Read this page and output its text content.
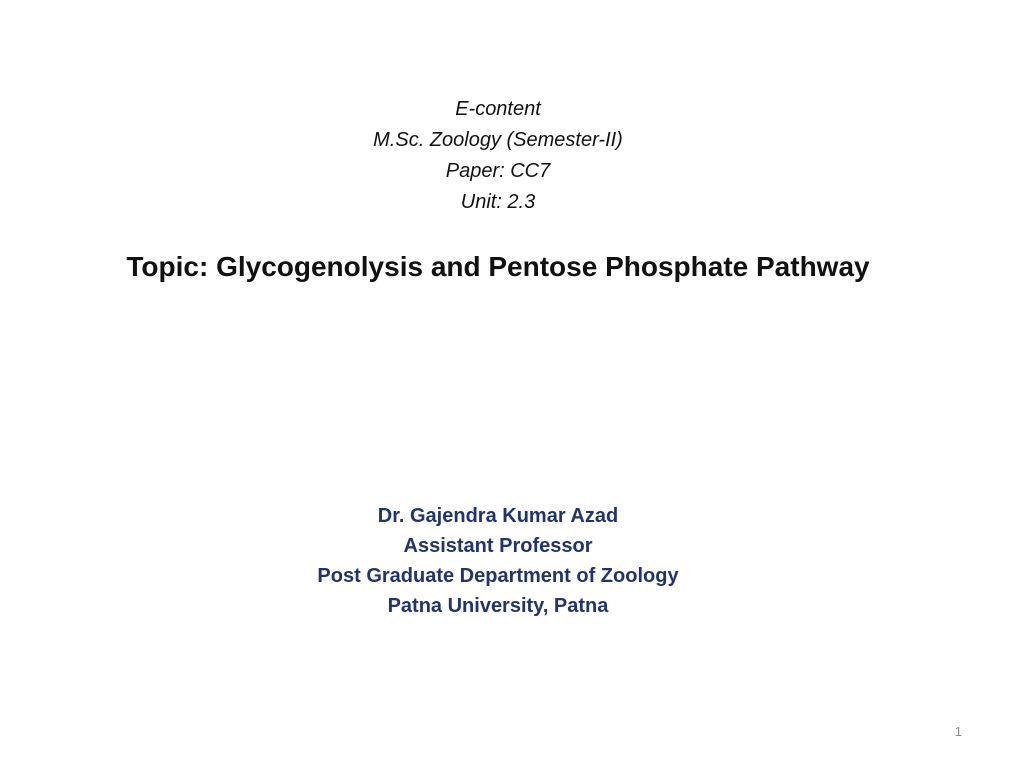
E-content
M.Sc. Zoology (Semester-II)
Paper: CC7
Unit: 2.3
Topic: Glycogenolysis and Pentose Phosphate Pathway
Dr. Gajendra Kumar Azad
Assistant Professor
Post Graduate Department of Zoology
Patna University, Patna
1
